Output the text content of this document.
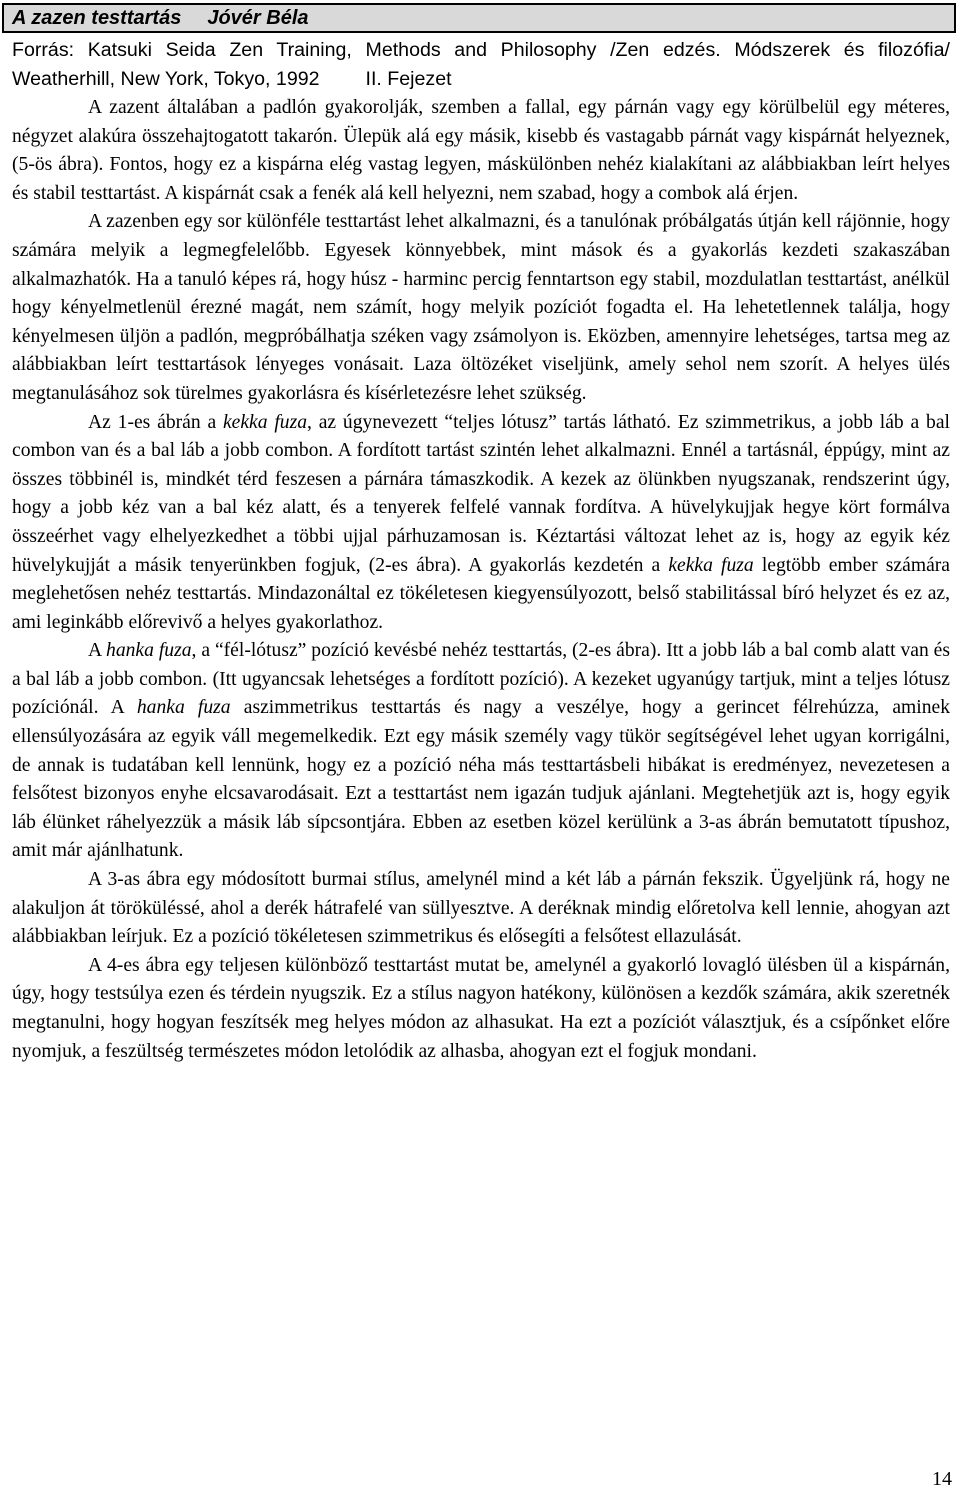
A zazen testtartás Jóvér Béla

Forrás: Katsuki Seida Zen Training, Methods and Philosophy /Zen edzés. Módszerek és filozófia/ Weatherhill, New York, Tokyo, 1992 II. Fejezet

A zazent általában a padlón gyakorolják, szemben a fallal, egy párnán vagy egy körülbelül egy méteres, négyzet alakúra összehajtogatott takarón. Ülepük alá egy másik, kisebb és vastagabb párnát vagy kispárnát helyeznek, (5-ös ábra). Fontos, hogy ez a kispárna elég vastag legyen, máskülönben nehéz kialakítani az alábbiakban leírt helyes és stabil testtartást. A kispárnát csak a fenék alá kell helyezni, nem szabad, hogy a combok alá érjen.

A zazenben egy sor különféle testtartást lehet alkalmazni, és a tanulónak próbálgatás útján kell rájönnie, hogy számára melyik a legmegfelelőbb. Egyesek könnyebbek, mint mások és a gyakorlás kezdeti szakaszában alkalmazhatók. Ha a tanuló képes rá, hogy húsz - harminc percig fenntartson egy stabil, mozdulatlan testtartást, anélkül hogy kényelmetlenül érezné magát, nem számít, hogy melyik pozíciót fogadta el. Ha lehetetlennek találja, hogy kényelmesen üljön a padlón, megpróbálhatja széken vagy zsámolyon is. Eközben, amennyire lehetséges, tartsa meg az alábbiakban leírt testtartások lényeges vonásait. Laza öltözéket viseljünk, amely sehol nem szorít. A helyes ülés megtanulásához sok türelmes gyakorlásra és kísérletezésre lehet szükség.

Az 1-es ábrán a kekka fuza, az úgynevezett “teljes lótusz” tartás látható. Ez szimmetrikus, a jobb láb a bal combon van és a bal láb a jobb combon. A fordított tartást szintén lehet alkalmazni. Ennél a tartásnál, éppúgy, mint az összes többinél is, mindkét térd feszesen a párnára támaszkodik. A kezek az ölünkben nyugszanak, rendszerint úgy, hogy a jobb kéz van a bal kéz alatt, és a tenyerek felfelé vannak fordítva. A hüvelykujjak hegye kört formálva összeérhet vagy elhelyezkedhet a többi ujjal párhuzamosan is. Kéztartási változat lehet az is, hogy az egyik kéz hüvelykujját a másik tenyerünkben fogjuk, (2-es ábra). A gyakorlás kezdetén a kekka fuza legtöbb ember számára meglehetősen nehéz testtartás. Mindazonáltal ez tökéletesen kiegyensúlyozott, belső stabilitással bíró helyzet és ez az, ami leginkább előrevivő a helyes gyakorlathoz.

A hanka fuza, a “fél-lótusz” pozíció kevésbé nehéz testtartás, (2-es ábra). Itt a jobb láb a bal comb alatt van és a bal láb a jobb combon. (Itt ugyancsak lehetséges a fordított pozíció). A kezeket ugyanúgy tartjuk, mint a teljes lótusz pozíciónál. A hanka fuza aszimmetrikus testtartás és nagy a veszélye, hogy a gerincet félrehúzza, aminek ellensúlyozására az egyik váll megemelkedik. Ezt egy másik személy vagy tükör segítségével lehet ugyan korrigálni, de annak is tudatában kell lennünk, hogy ez a pozíció néha más testtartásbeli hibákat is eredményez, nevezetesen a felsőtest bizonyos enyhe elcsavarodásait. Ezt a testtartást nem igazán tudjuk ajánlani. Megtehetjük azt is, hogy egyik láb élünket ráhelyezzük a másik láb sípcsontjára. Ebben az esetben közel kerülünk a 3-as ábrán bemutatott típushoz, amit már ajánlhatunk.

A 3-as ábra egy módosított burmai stílus, amelynél mind a két láb a párnán fekszik. Ügyeljünk rá, hogy ne alakuljon át töröküléssé, ahol a derék hátrafelé van süllyesztve. A deréknak mindig előretolva kell lennie, ahogyan azt alábbiakban leírjuk. Ez a pozíció tökéletesen szimmetrikus és elősegíti a felsőtest ellazulását.

A 4-es ábra egy teljesen különböző testtartást mutat be, amelynél a gyakorló lovagló ülésben ül a kispárnán, úgy, hogy testsúlya ezen és térdein nyugszik. Ez a stílus nagyon hatékony, különösen a kezdők számára, akik szeretnék megtanulni, hogy hogyan feszítsék meg helyes módon az alhasukat. Ha ezt a pozíciót választjuk, és a csípőnket előre nyomjuk, a feszültség természetes módon letolódik az alhasba, ahogyan ezt el fogjuk mondani.

14
